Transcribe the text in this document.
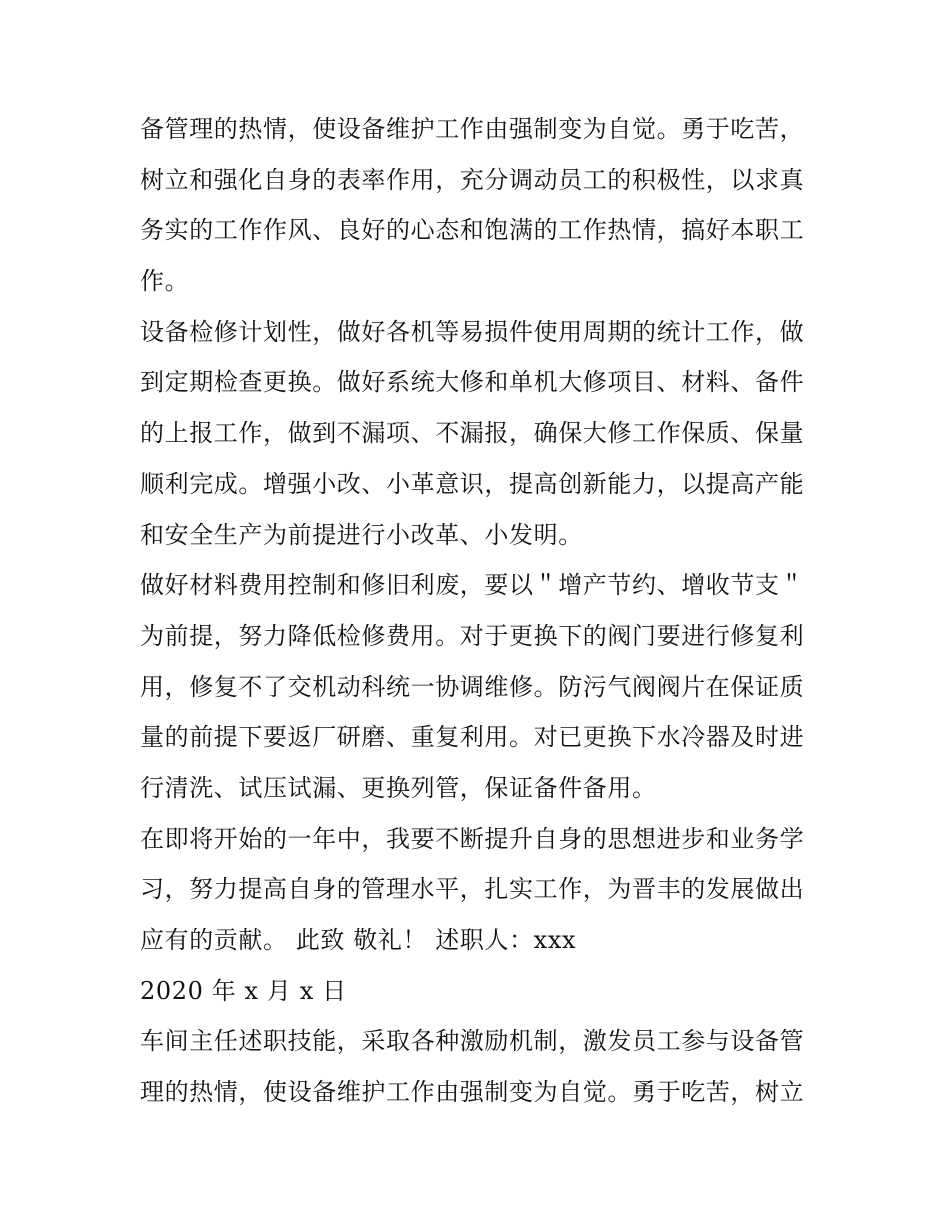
备管理的热情，使设备维护工作由强制变为自觉。勇于吃苦，
树立和强化自身的表率作用，充分调动员工的积极性，以求真
务实的工作作风、良好的心态和饱满的工作热情，搞好本职工
作。
设备检修计划性，做好各机等易损件使用周期的统计工作，做
到定期检查更换。做好系统大修和单机大修项目、材料、备件
的上报工作，做到不漏项、不漏报，确保大修工作保质、保量
顺利完成。增强小改、小革意识，提高创新能力，以提高产能
和安全生产为前提进行小改革、小发明。
做好材料费用控制和修旧利废，要以＂增产节约、增收节支＂
为前提，努力降低检修费用。对于更换下的阀门要进行修复利
用，修复不了交机动科统一协调维修。防污气阀阀片在保证质
量的前提下要返厂研磨、重复利用。对已更换下水冷器及时进
行清洗、试压试漏、更换列管，保证备件备用。
在即将开始的一年中，我要不断提升自身的思想进步和业务学
习，努力提高自身的管理水平，扎实工作，为晋丰的发展做出
应有的贡献。 此致 敬礼！ 述职人：xxx
2020 年 x 月 x 日
车间主任述职技能，采取各种激励机制，激发员工参与设备管
理的热情，使设备维护工作由强制变为自觉。勇于吃苦，树立
